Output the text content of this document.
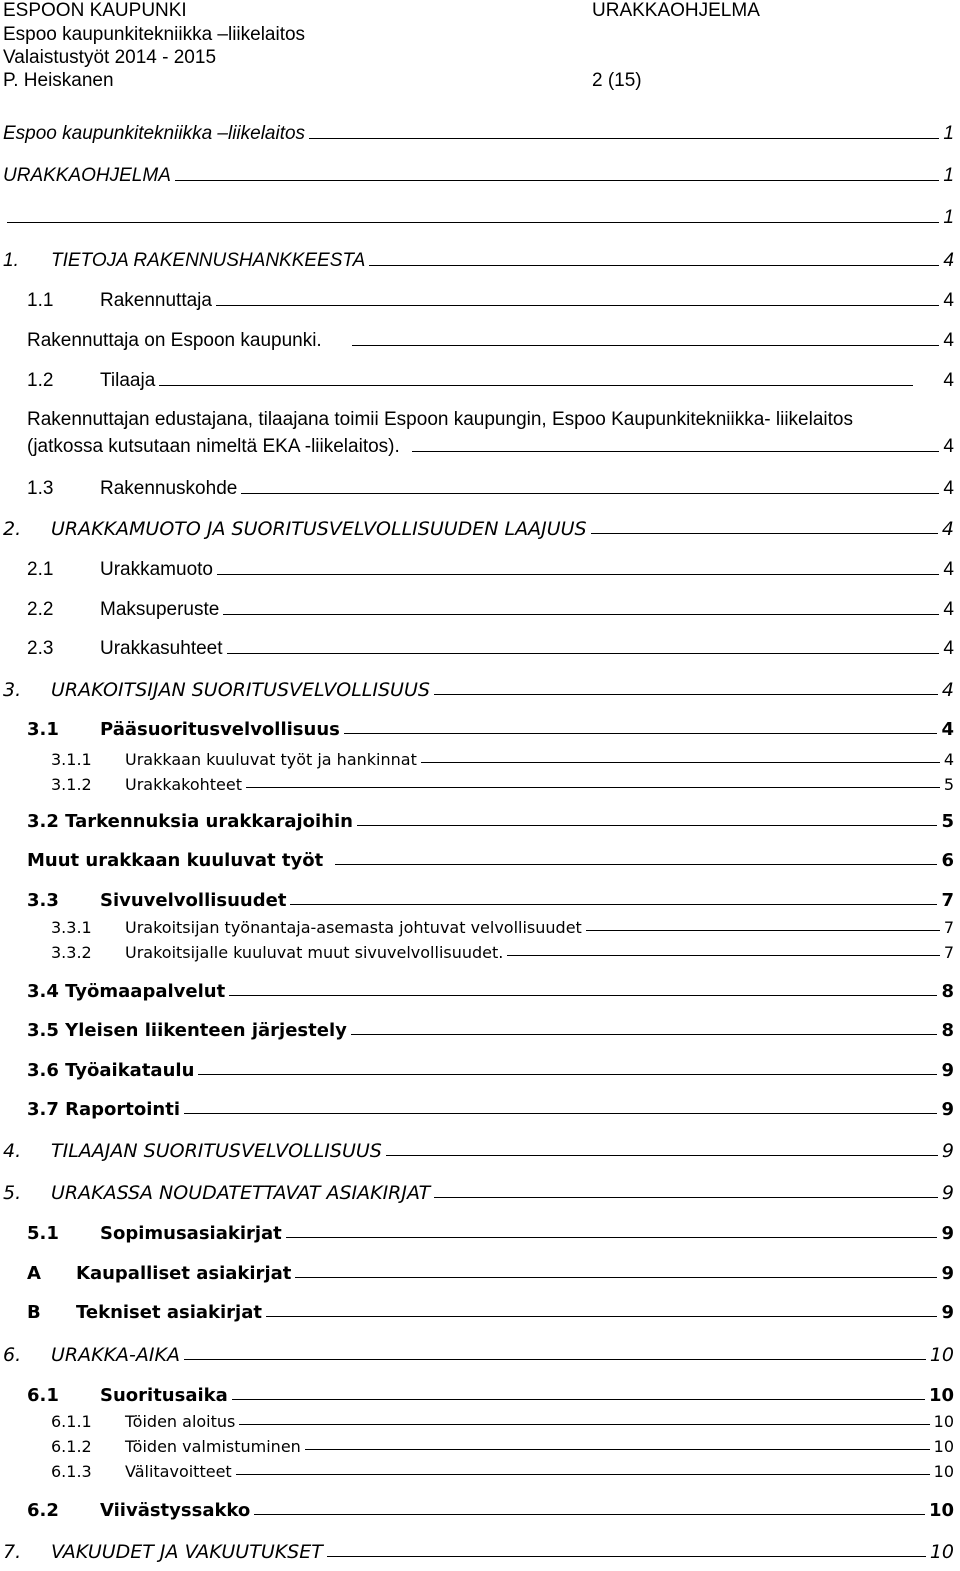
ESPOON KAUPUNKI
Espoo kaupunkitekniikka –liikelaitos
Valaistustyöt 2014 - 2015
P. Heiskanen
URAKKAOHJELMA
2 (15)
Espoo kaupunkitekniikka –liikelaitos	1
URAKKAOHJELMA	1
1
1. TIETOJA RAKENNUSHANKKEESTA	4
1.1 Rakennuttaja	4
Rakennuttaja on Espoon kaupunki.	4
1.2 Tilaaja	4
Rakennuttajan edustajana, tilaajana toimii Espoon kaupungin, Espoo Kaupunkitekniikka- liikelaitos
(jatkossa kutsutaan nimeltä EKA -liikelaitos).	4
1.3 Rakennuskohde	4
2. URAKKAMUOTO JA SUORITUSVELVOLLISUUDEN LAAJUUS	4
2.1 Urakkamuoto	4
2.2 Maksuperuste	4
2.3 Urakkasuhteet	4
3. URAKOITSIJAN SUORITUSVELVOLLISUUS	4
3.1 Pääsuoritusvelvollisuus	4
3.1.1 Urakkaan kuuluvat työt ja hankinnat	4
3.1.2 Urakkakohteet	5
3.2 Tarkennuksia urakkarajoihin	5
Muut urakkaan kuuluvat työt	6
3.3 Sivuvelvollisuudet	7
3.3.1 Urakoitsijan työnantaja-asemasta johtuvat velvollisuudet	7
3.3.2 Urakoitsijalle kuuluvat muut sivuvelvollisuudet.	7
3.4 Työmaapalvelut	8
3.5 Yleisen liikenteen järjestely	8
3.6 Työaikataulu	9
3.7 Raportointi	9
4. TILAAJAN SUORITUSVELVOLLISUUS	9
5. URAKASSA NOUDATETTAVAT ASIAKIRJAT	9
5.1 Sopimusasiakirjat	9
A Kaupalliset asiakirjat	9
B Tekniset asiakirjat	9
6. URAKKA-AIKA	10
6.1 Suoritusaika	10
6.1.1 Töiden aloitus	10
6.1.2 Töiden valmistuminen	10
6.1.3 Välitavoitteet	10
6.2 Viivästyssakko	10
7. VAKUUDET JA VAKUUTUKSET	10
